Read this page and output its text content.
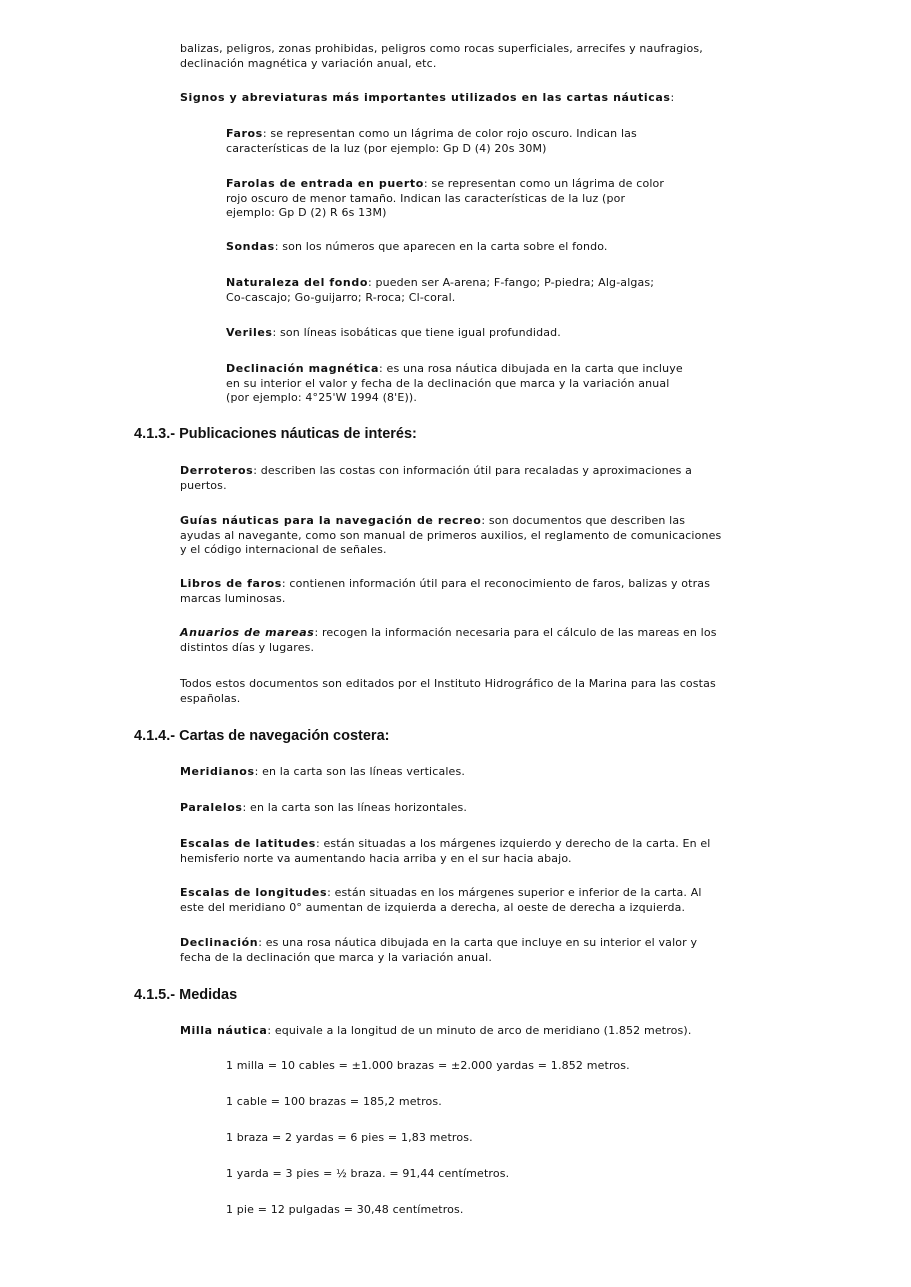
balizas, peligros, zonas prohibidas, peligros como rocas superficiales, arrecifes y naufragios, declinación magnética y variación anual, etc.

Signos y abreviaturas más importantes utilizados en las cartas náuticas:

Faros: se representan como un lágrima de color rojo oscuro. Indican las características de la luz (por ejemplo: Gp D (4) 20s 30M)

Farolas de entrada en puerto: se representan como un lágrima de color rojo oscuro de menor tamaño. Indican las características de la luz (por ejemplo: Gp D (2) R 6s 13M)

Sondas: son los números que aparecen en la carta sobre el fondo.

Naturaleza del fondo: pueden ser A-arena; F-fango; P-piedra; Alg-algas; Co-cascajo; Go-guijarro; R-roca; Cl-coral.

Veriles: son líneas isobáticas que tiene igual profundidad.

Declinación magnética: es una rosa náutica dibujada en la carta que incluye en su interior el valor y fecha de la declinación que marca y la variación anual (por ejemplo: 4°25'W 1994 (8'E)).

4.1.3.- Publicaciones náuticas de interés:

Derroteros: describen las costas con información útil para recaladas y aproximaciones a puertos.

Guías náuticas para la navegación de recreo: son documentos que describen las ayudas al navegante, como son manual de primeros auxilios, el reglamento de comunicaciones y el código internacional de señales.

Libros de faros: contienen información útil para el reconocimiento de faros, balizas y otras marcas luminosas.

Anuarios de mareas: recogen la información necesaria para el cálculo de las mareas en los distintos días y lugares.

Todos estos documentos son editados por el Instituto Hidrográfico de la Marina para las costas españolas.

4.1.4.- Cartas de navegación costera:

Meridianos: en la carta son las líneas verticales.

Paralelos: en la carta son las líneas horizontales.

Escalas de latitudes: están situadas a los márgenes izquierdo y derecho de la carta. En el hemisferio norte va aumentando hacia arriba y en el sur hacia abajo.

Escalas de longitudes: están situadas en los márgenes superior e inferior de la carta. Al este del meridiano 0° aumentan de izquierda a derecha, al oeste de derecha a izquierda.

Declinación: es una rosa náutica dibujada en la carta que incluye en su interior el valor y fecha de la declinación que marca y la variación anual.

4.1.5.- Medidas

Milla náutica: equivale a la longitud de un minuto de arco de meridiano (1.852 metros).

1 milla = 10 cables = ±1.000 brazas = ±2.000 yardas = 1.852 metros.

1 cable = 100 brazas = 185,2 metros.

1 braza = 2 yardas = 6 pies = 1,83 metros.

1 yarda = 3 pies = ½ braza. = 91,44 centímetros.

1 pie = 12 pulgadas = 30,48 centímetros.
